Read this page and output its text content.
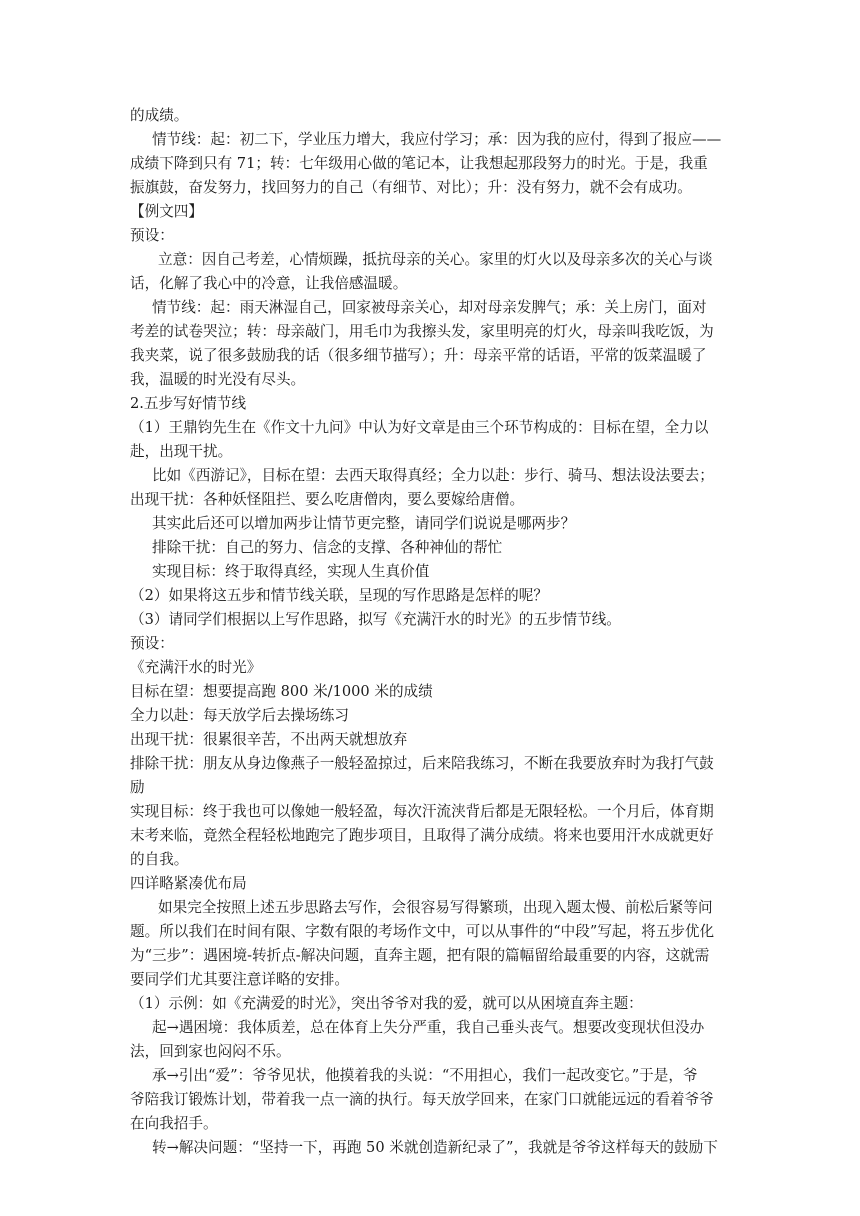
的成绩。
情节线：起：初二下，学业压力增大，我应付学习；承：因为我的应付，得到了报应——
成绩下降到只有 71；转：七年级用心做的笔记本，让我想起那段努力的时光。于是，我重
振旗鼓，奋发努力，找回努力的自己（有细节、对比）；升：没有努力，就不会有成功。
【例文四】
预设：
立意：因自己考差，心情烦躁，抵抗母亲的关心。家里的灯火以及母亲多次的关心与谈
话，化解了我心中的冷意，让我倍感温暖。
情节线：起：雨天淋湿自己，回家被母亲关心，却对母亲发脾气；承：关上房门，面对
考差的试卷哭泣；转：母亲敲门，用毛巾为我擦头发，家里明亮的灯火，母亲叫我吃饭，为
我夹菜，说了很多鼓励我的话（很多细节描写）；升：母亲平常的话语，平常的饭菜温暖了
我，温暖的时光没有尽头。
2.五步写好情节线
（1）王鼎钧先生在《作文十九问》中认为好文章是由三个环节构成的：目标在望，全力以
赴，出现干扰。
比如《西游记》，目标在望：去西天取得真经；全力以赴：步行、骑马、想法设法要去；
出现干扰：各种妖怪阻拦、要么吃唐僧肉，要么要嫁给唐僧。
其实此后还可以增加两步让情节更完整，请同学们说说是哪两步？
排除干扰：自己的努力、信念的支撑、各种神仙的帮忙
实现目标：终于取得真经，实现人生真价值
（2）如果将这五步和情节线关联，呈现的写作思路是怎样的呢？
（3）请同学们根据以上写作思路，拟写《充满汗水的时光》的五步情节线。
预设：
《充满汗水的时光》
目标在望：想要提高跑 800 米/1000 米的成绩
全力以赴：每天放学后去操场练习
出现干扰：很累很辛苦，不出两天就想放弃
排除干扰：朋友从身边像燕子一般轻盈掠过，后来陪我练习，不断在我要放弃时为我打气鼓
励
实现目标：终于我也可以像她一般轻盈，每次汗流浃背后都是无限轻松。一个月后，体育期
末考来临，竟然全程轻松地跑完了跑步项目，且取得了满分成绩。将来也要用汗水成就更好
的自我。
四详略紧凑优布局
如果完全按照上述五步思路去写作，会很容易写得繁琐，出现入题太慢、前松后紧等问
题。所以我们在时间有限、字数有限的考场作文中，可以从事件的“中段”写起，将五步优化
为“三步”：遇困境-转折点-解决问题，直奔主题，把有限的篇幅留给最重要的内容，这就需
要同学们尤其要注意详略的安排。
（1）示例：如《充满爱的时光》，突出爷爷对我的爱，就可以从困境直奔主题：
起→遇困境：我体质差，总在体育上失分严重，我自己垂头丧气。想要改变现状但没办
法，回到家也闷闷不乐。
承→引出“爱”：爷爷见状，他摸着我的头说：“不用担心，我们一起改变它。”于是，爷
爷陪我订锻炼计划，带着我一点一滴的执行。每天放学回来，在家门口就能远远的看着爷爷
在向我招手。
转→解决问题：“坚持一下，再跑 50 米就创造新纪录了”，我就是爷爷这样每天的鼓励下
